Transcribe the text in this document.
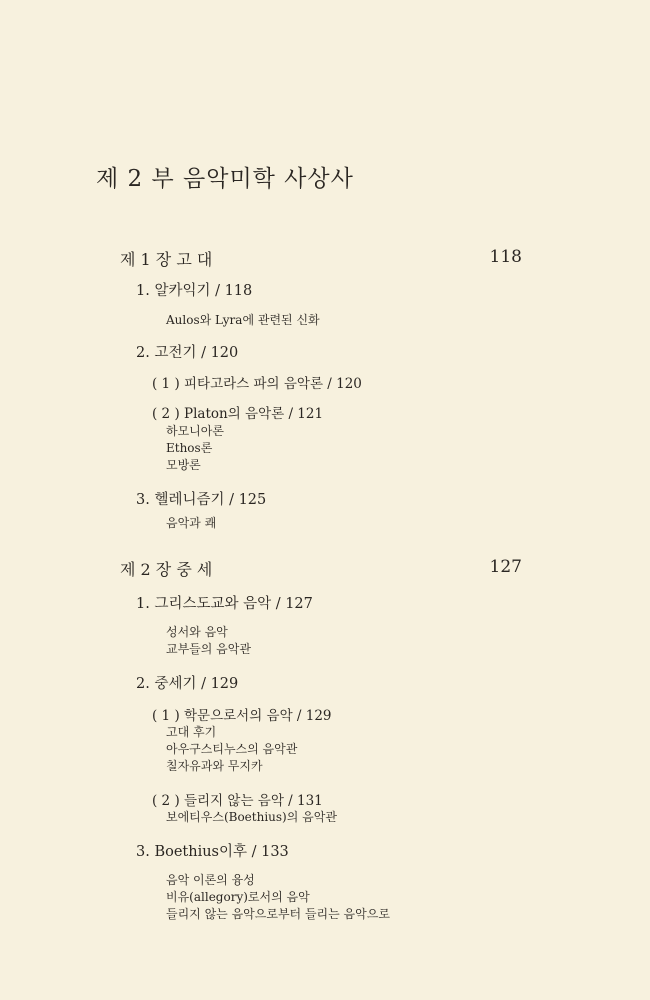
제 2 부 음악미학 사상사
제 1 장 고 대	118
1. 알카익기 / 118
Aulos와 Lyra에 관련된 신화
2. 고전기 / 120
( 1 ) 피타고라스 파의 음악론 / 120
( 2 ) Platon의 음악론 / 121
하모니아론
Ethos론
모방론
3. 헬레니즘기 / 125
음악과 쾌
제 2 장 중 세	127
1. 그리스도교와 음악 / 127
성서와 음악
교부들의 음악관
2. 중세기 / 129
( 1 ) 학문으로서의 음악 / 129
고대 후기
아우구스티누스의 음악관
칠자유과와 무지카
( 2 ) 들리지 않는 음악 / 131
보에티우스(Boethius)의 음악관
3. Boethius이후 / 133
음악 이론의 융성
비유(allegory)로서의 음악
들리지 않는 음악으로부터 들리는 음악으로
